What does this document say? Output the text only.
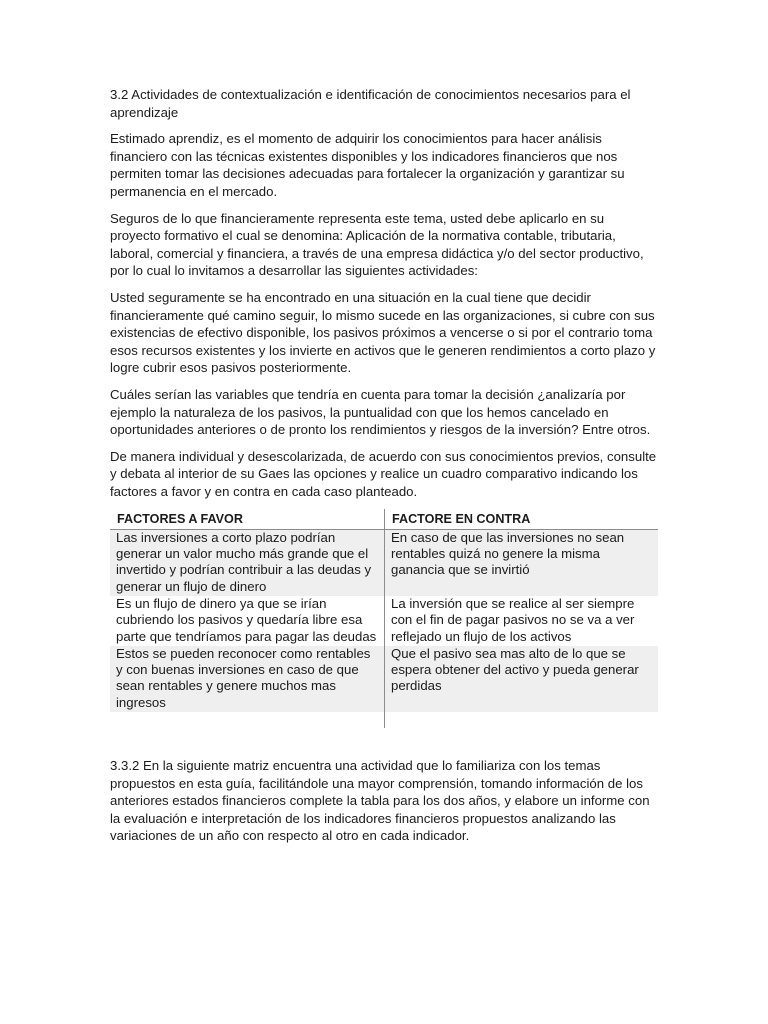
3.2 Actividades de contextualización e identificación de conocimientos necesarios para el aprendizaje

Estimado aprendiz, es el momento de adquirir los conocimientos para hacer análisis financiero con las técnicas existentes disponibles y los indicadores financieros que nos permiten tomar las decisiones adecuadas para fortalecer la organización y garantizar su permanencia en el mercado.

Seguros de lo que financieramente representa este tema, usted debe aplicarlo en su proyecto formativo el cual se denomina: Aplicación de la normativa contable, tributaria, laboral, comercial y financiera, a través de una empresa didáctica y/o del sector productivo, por lo cual lo invitamos a desarrollar las siguientes actividades:

Usted seguramente se ha encontrado en una situación en la cual tiene que decidir financieramente qué camino seguir, lo mismo sucede en las organizaciones, si cubre con sus existencias de efectivo disponible, los pasivos próximos a vencerse o si por el contrario toma esos recursos existentes y los invierte en activos que le generen rendimientos a corto plazo y logre cubrir esos pasivos posteriormente.

Cuáles serían las variables que tendría en cuenta para tomar la decisión ¿analizaría por ejemplo la naturaleza de los pasivos, la puntualidad con que los hemos cancelado en oportunidades anteriores o de pronto los rendimientos y riesgos de la inversión? Entre otros.

De manera individual y desescolarizada, de acuerdo con sus conocimientos previos, consulte y debata al interior de su Gaes las opciones y realice un cuadro comparativo indicando los factores a favor y en contra en cada caso planteado.

FACTORES A FAVOR	FACTORE EN CONTRA
Las inversiones a corto plazo podrían generar un valor mucho más grande que el invertido y podrían contribuir a las deudas y generar un flujo de dinero	En caso de que las inversiones no sean rentables quizá no genere la misma ganancia que se invirtió
Es un flujo de dinero ya que se irían cubriendo los pasivos y quedaría libre esa parte que tendríamos para pagar las deudas	La inversión que se realice al ser siempre con el fin de pagar pasivos no se va a ver reflejado un flujo de los activos
Estos se pueden reconocer como rentables y con buenas inversiones en caso de que sean rentables y genere muchos mas ingresos	Que el pasivo sea mas alto de lo que se espera obtener del activo y pueda generar perdidas

3.3.2 En la siguiente matriz encuentra una actividad que lo familiariza con los temas propuestos en esta guía, facilitándole una mayor comprensión, tomando información de los anteriores estados financieros complete la tabla para los dos años, y elabore un informe con la evaluación e interpretación de los indicadores financieros propuestos analizando las variaciones de un año con respecto al otro en cada indicador.
